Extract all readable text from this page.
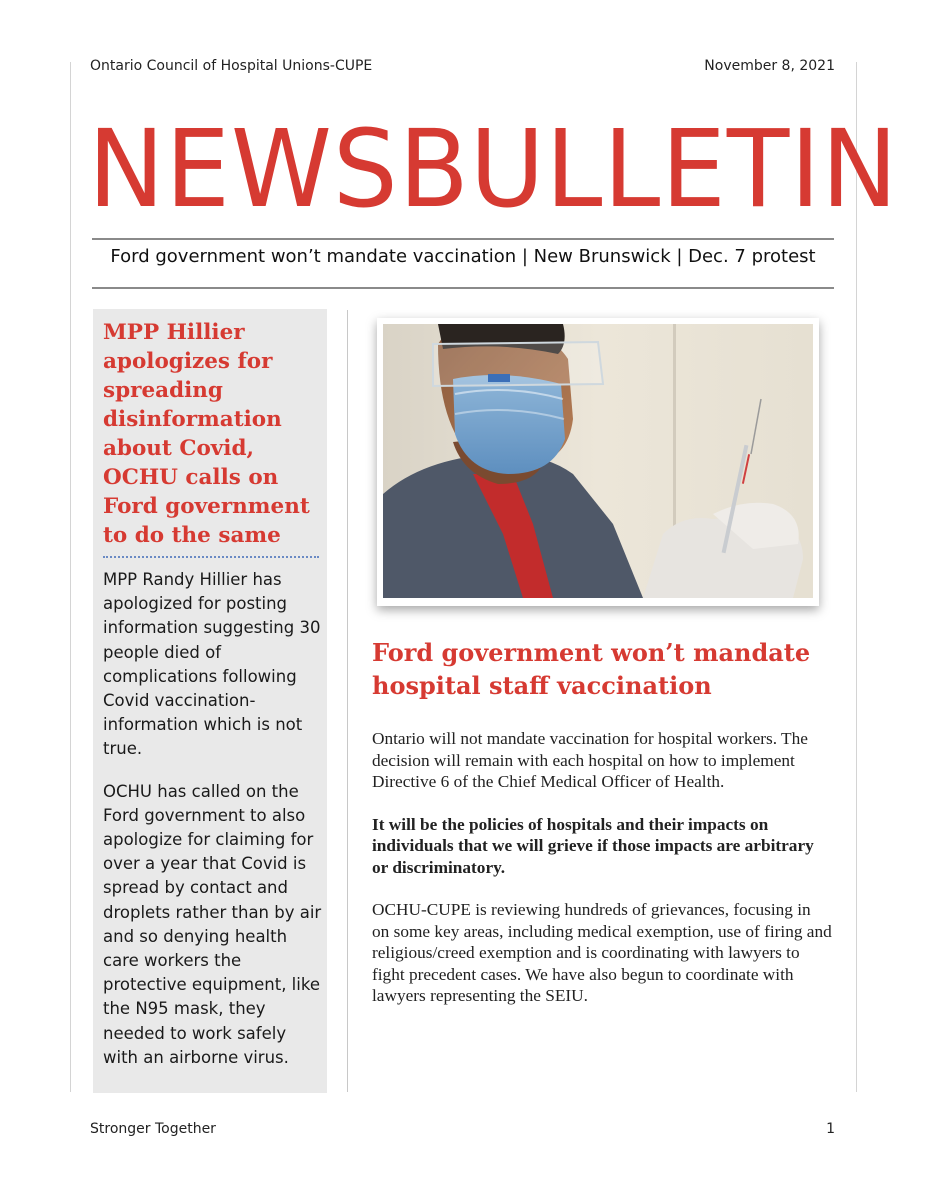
Ontario Council of Hospital Unions-CUPE	November 8, 2021
NEWSBULLETIN
Ford government won’t mandate vaccination | New Brunswick | Dec. 7 protest
MPP Hillier apologizes for spreading disinformation about Covid, OCHU calls on Ford government to do the same

MPP Randy Hillier has apologized for posting information suggesting 30 people died of complications following Covid vaccination-information which is not true.

OCHU has called on the Ford government to also apologize for claiming for over a year that Covid is spread by contact and droplets rather than by air and so denying health care workers the protective equipment, like the N95 mask, they needed to work safely with an airborne virus.

Ford government won’t mandate hospital staff vaccination

Ontario will not mandate vaccination for hospital workers. The decision will remain with each hospital on how to implement Directive 6 of the Chief Medical Officer of Health.

It will be the policies of hospitals and their impacts on individuals that we will grieve if those impacts are arbitrary or discriminatory.

OCHU-CUPE is reviewing hundreds of grievances, focusing in on some key areas, including medical exemption, use of firing and religious/creed exemption and is coordinating with lawyers to fight precedent cases. We have also begun to coordinate with lawyers representing the SEIU.

Stronger Together	1
